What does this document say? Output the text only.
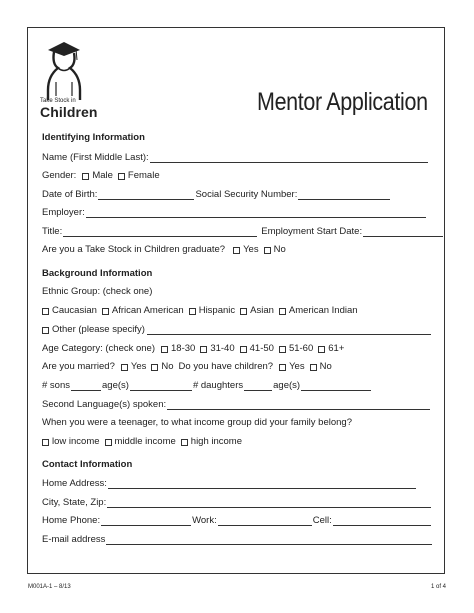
Take Stock in
Children	Mentor Application
Identifying Information
Name (First Middle Last):
Gender: Male Female
Date of Birth:	Social Security Number:
Employer:
Title:	Employment Start Date:
Are you a Take Stock in Children graduate? Yes No
Background Information
Ethnic Group: (check one)
Caucasian African American Hispanic Asian American Indian
Other (please specify)
Age Category: (check one) 18-30 31-40 41-50 51-60 61+
Are you married? Yes No Do you have children? Yes No
# sons	age(s)	# daughters	age(s)
Second Language(s) spoken:
When you were a teenager, to what income group did your family belong?
low income middle income high income
Contact Information
Home Address:
City, State, Zip:
Home Phone:	Work:	Cell:
E-mail address
M001A-1 – 8/13	1 of 4
